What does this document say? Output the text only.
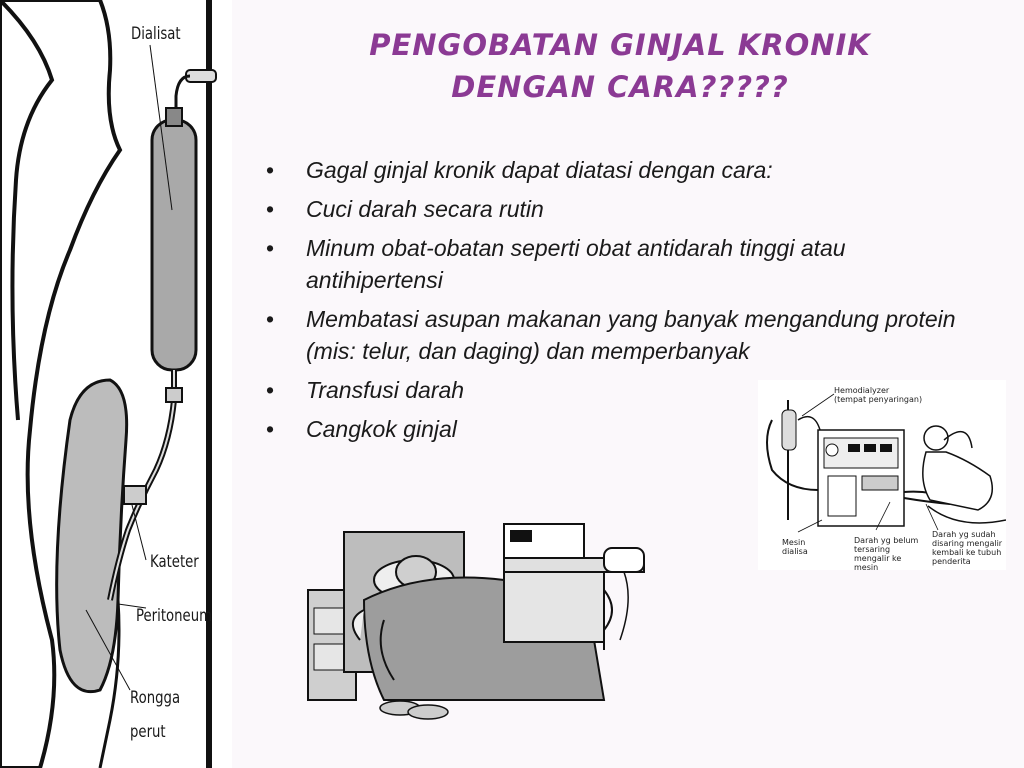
Dialisat
Kateter
Peritoneum
Rongga
perut
PENGOBATAN GINJAL KRONIK
DENGAN CARA?????
• Gagal ginjal kronik dapat diatasi dengan cara:
• Cuci darah secara rutin
• Minum obat-obatan seperti obat antidarah tinggi atau antihipertensi
• Membatasi asupan makanan yang banyak mengandung protein (mis: telur, dan daging) dan memperbanyak
• Transfusi darah
• Cangkok ginjal
Hemodialyzer
(tempat penyaringan)
Mesin
dialisa
Darah yg belum
tersaring
mengalir ke
mesin
Darah yg sudah
disaring mengalir
kembali ke tubuh
penderita
